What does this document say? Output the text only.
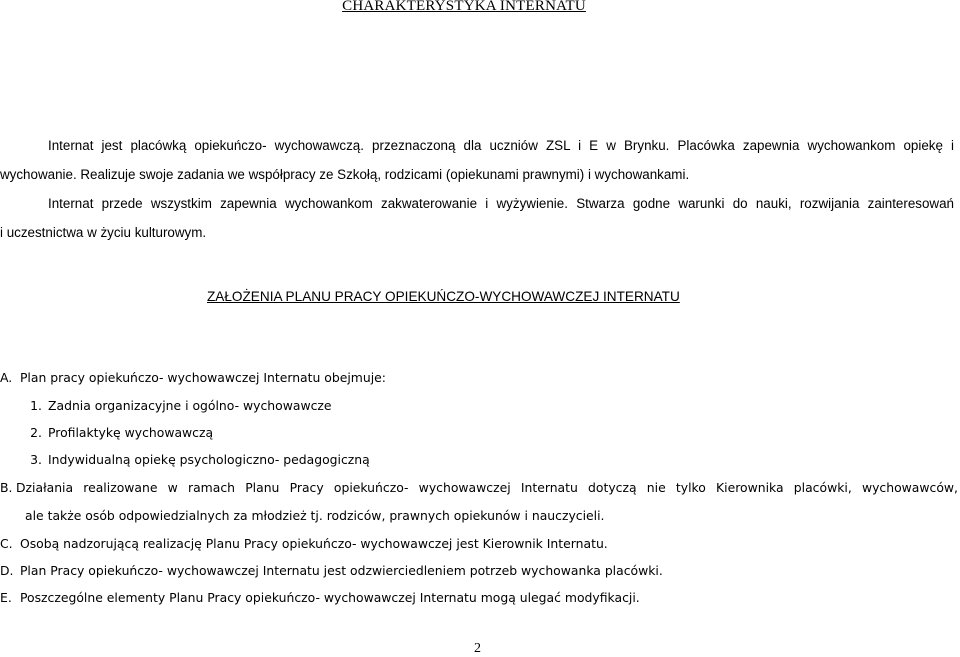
CHARAKTERYSTYKA INTERNATU
Internat jest placówką opiekuńczo- wychowawczą. przeznaczoną dla uczniów ZSL i E w Brynku. Placówka zapewnia wychowankom opiekę i
wychowanie. Realizuje swoje zadania we współpracy ze Szkołą, rodzicami (opiekunami prawnymi) i wychowankami.
Internat przede wszystkim zapewnia wychowankom zakwaterowanie i wyżywienie. Stwarza godne warunki do nauki, rozwijania zainteresowań
i uczestnictwa w życiu kulturowym.
ZAŁOŻENIA PLANU PRACY OPIEKUŃCZO-WYCHOWAWCZEJ INTERNATU
A. Plan pracy opiekuńczo- wychowawczej Internatu obejmuje:
1. Zadnia organizacyjne i ogólno- wychowawcze
2. Profilaktykę wychowawczą
3. Indywidualną opiekę psychologiczno- pedagogiczną
B. Działania realizowane w ramach Planu Pracy opiekuńczo- wychowawczej Internatu dotyczą nie tylko Kierownika placówki, wychowawców,
ale także osób odpowiedzialnych za młodzież tj. rodziców, prawnych opiekunów i nauczycieli.
C. Osobą nadzorującą realizację Planu Pracy opiekuńczo- wychowawczej jest Kierownik Internatu.
D. Plan Pracy opiekuńczo- wychowawczej Internatu jest odzwierciedleniem potrzeb wychowanka placówki.
E. Poszczególne elementy Planu Pracy opiekuńczo- wychowawczej Internatu mogą ulegać modyfikacji.
2
